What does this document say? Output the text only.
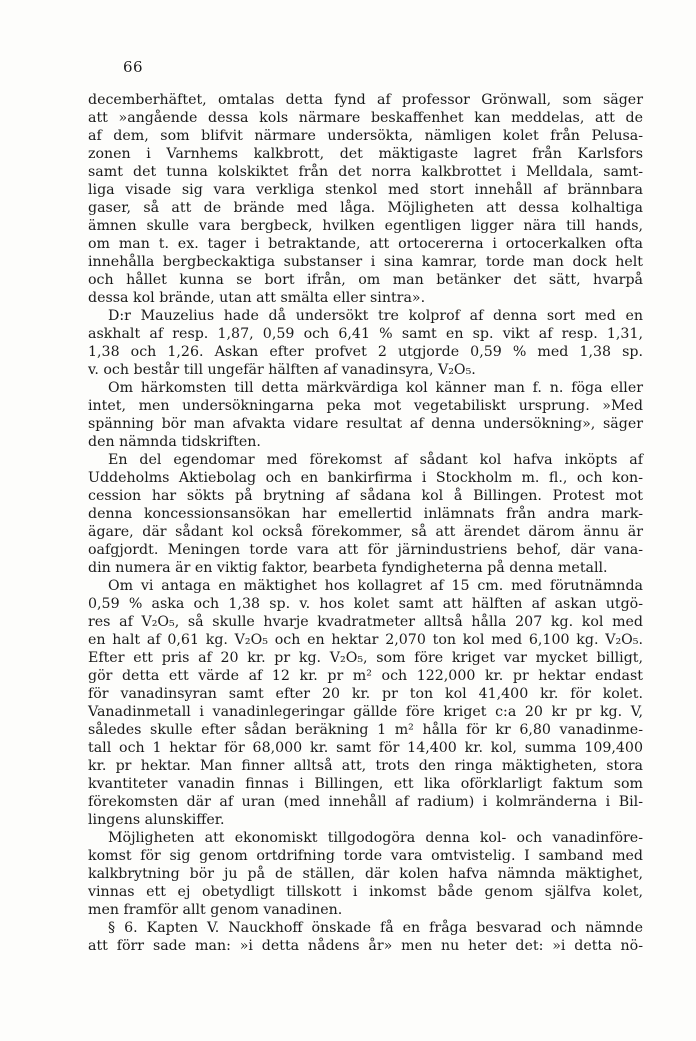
66
decemberhäftet, omtalas detta fynd af professor Grönwall, som säger
att »angående dessa kols närmare beskaffenhet kan meddelas, att de
af dem, som blifvit närmare undersökta, nämligen kolet från Pelusa-
zonen i Varnhems kalkbrott, det mäktigaste lagret från Karlsfors
samt det tunna kolskiktet från det norra kalkbrottet i Melldala, samt-
liga visade sig vara verkliga stenkol med stort innehåll af brännbara
gaser, så att de brände med låga. Möjligheten att dessa kolhaltiga
ämnen skulle vara bergbeck, hvilken egentligen ligger nära till hands,
om man t. ex. tager i betraktande, att ortocererna i ortocerkalken ofta
innehålla bergbeckaktiga substanser i sina kamrar, torde man dock helt
och hållet kunna se bort ifrån, om man betänker det sätt, hvarpå
dessa kol brände, utan att smälta eller sintra».
D:r Mauzelius hade då undersökt tre kolprof af denna sort med en
askhalt af resp. 1,87, 0,59 och 6,41 % samt en sp. vikt af resp. 1,31,
1,38 och 1,26. Askan efter profvet 2 utgjorde 0,59 % med 1,38 sp.
v. och består till ungefär hälften af vanadinsyra, V₂O₅.
Om härkomsten till detta märkvärdiga kol känner man f. n. föga eller
intet, men undersökningarna peka mot vegetabiliskt ursprung. »Med
spänning bör man afvakta vidare resultat af denna undersökning», säger
den nämnda tidskriften.
En del egendomar med förekomst af sådant kol hafva inköpts af
Uddeholms Aktiebolag och en bankirfirma i Stockholm m. fl., och kon-
cession har sökts på brytning af sådana kol å Billingen. Protest mot
denna koncessionsansökan har emellertid inlämnats från andra mark-
ägare, där sådant kol också förekommer, så att ärendet därom ännu är
oafgjordt. Meningen torde vara att för järnindustriens behof, där vana-
din numera är en viktig faktor, bearbeta fyndigheterna på denna metall.
Om vi antaga en mäktighet hos kollagret af 15 cm. med förutnämnda
0,59 % aska och 1,38 sp. v. hos kolet samt att hälften af askan utgö-
res af V₂O₅, så skulle hvarje kvadratmeter alltså hålla 207 kg. kol med
en halt af 0,61 kg. V₂O₅ och en hektar 2,070 ton kol med 6,100 kg. V₂O₅.
Efter ett pris af 20 kr. pr kg. V₂O₅, som före kriget var mycket billigt,
gör detta ett värde af 12 kr. pr m² och 122,000 kr. pr hektar endast
för vanadinsyran samt efter 20 kr. pr ton kol 41,400 kr. för kolet.
Vanadinmetall i vanadinlegeringar gällde före kriget c:a 20 kr pr kg. V,
således skulle efter sådan beräkning 1 m² hålla för kr 6,80 vanadinme-
tall och 1 hektar för 68,000 kr. samt för 14,400 kr. kol, summa 109,400
kr. pr hektar. Man finner alltså att, trots den ringa mäktigheten, stora
kvantiteter vanadin finnas i Billingen, ett lika oförklarligt faktum som
förekomsten där af uran (med innehåll af radium) i kolmränderna i Bil-
lingens alunskiffer.
Möjligheten att ekonomiskt tillgodogöra denna kol- och vanadinföre-
komst för sig genom ortdrifning torde vara omtvistelig. I samband med
kalkbrytning bör ju på de ställen, där kolen hafva nämnda mäktighet,
vinnas ett ej obetydligt tillskott i inkomst både genom själfva kolet,
men framför allt genom vanadinen.
§ 6. Kapten V. Nauckhoff önskade få en fråga besvarad och nämnde
att förr sade man: »i detta nådens år» men nu heter det: »i detta nö-
